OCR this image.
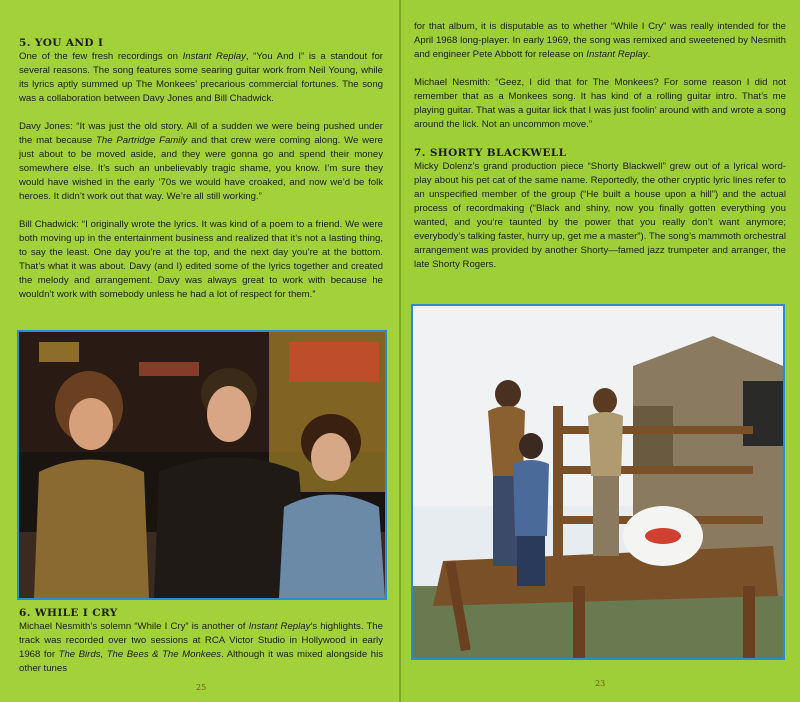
5. YOU AND I

One of the few fresh recordings on Instant Replay, “You And I” is a standout for several reasons. The song features some searing guitar work from Neil Young, while its lyrics aptly summed up The Monkees’ precarious commercial fortunes. The song was a collaboration between Davy Jones and Bill Chadwick.

Davy Jones: “It was just the old story. All of a sudden we were being pushed under the mat because The Partridge Family and that crew were coming along. We were just about to be moved aside, and they were gonna go and spend their money somewhere else. It’s such an unbelievably tragic shame, you know. I’m sure they would have wished in the early ’70s we would have croaked, and now we’d be folk heroes. It didn’t work out that way. We’re all still working.”

Bill Chadwick: “I originally wrote the lyrics. It was kind of a poem to a friend. We were both moving up in the entertainment business and realized that it’s not a lasting thing, to say the least. One day you’re at the top, and the next day you’re at the bottom. That’s what it was about. Davy (and I) edited some of the lyrics together and created the melody and arrangement. Davy was always great to work with because he wouldn’t work with somebody unless he had a lot of respect for them.”

6. WHILE I CRY

Michael Nesmith’s solemn “While I Cry” is another of Instant Replay’s highlights. The track was recorded over two sessions at RCA Victor Studio in Hollywood in early 1968 for The Birds, The Bees & The Monkees. Although it was mixed alongside his other tunes

25

for that album, it is disputable as to whether “While I Cry” was really intended for the April 1968 long-player. In early 1969, the song was remixed and sweetened by Nesmith and engineer Pete Abbott for release on Instant Replay.

Michael Nesmith: “Geez, I did that for The Monkees? For some reason I did not remember that as a Monkees song. It has kind of a rolling guitar intro. That’s me playing guitar. That was a guitar lick that I was just foolin’ around with and wrote a song around the lick. Not an uncommon move.”

7. SHORTY BLACKWELL

Micky Dolenz’s grand production piece “Shorty Blackwell” grew out of a lyrical word-play about his pet cat of the same name. Reportedly, the other cryptic lyric lines refer to an unspecified member of the group (“He built a house upon a hill”) and the actual process of recordmaking (“Black and shiny, now you finally gotten everything you wanted, and you’re taunted by the power that you really don’t want anymore; everybody’s talking faster, hurry up, get me a master”). The song’s mammoth orchestral arrangement was provided by another Shorty—famed jazz trumpeter and arranger, the late Shorty Rogers.

23
